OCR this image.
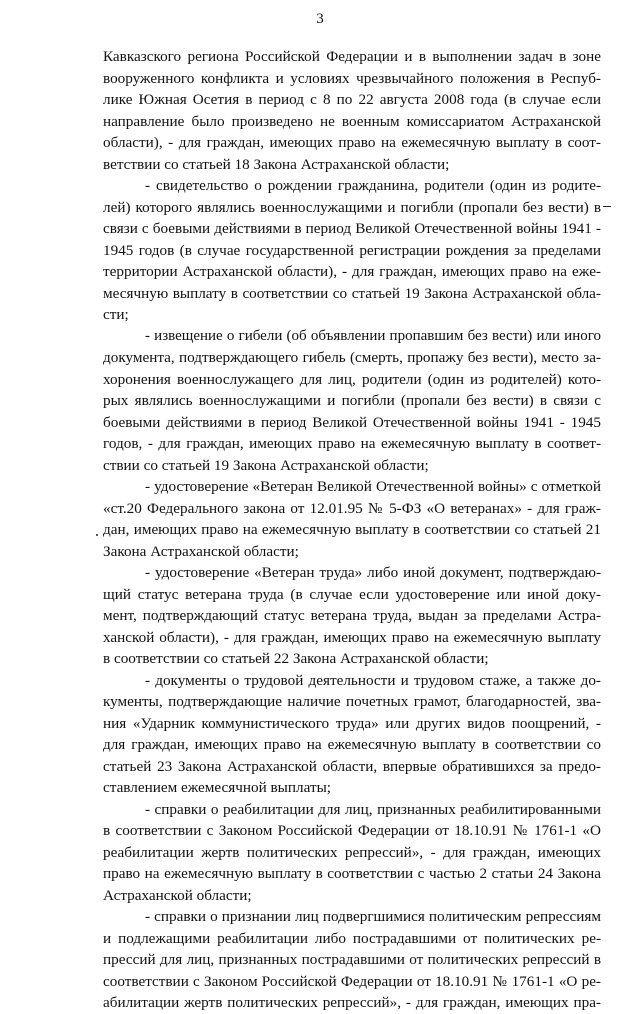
3
Кавказского региона Российской Федерации и в выполнении задач в зоне
вооруженного конфликта и условиях чрезвычайного положения в Респуб-
лике Южная Осетия в период с 8 по 22 августа 2008 года (в случае если
направление было произведено не военным комиссариатом Астраханской
области), - для граждан, имеющих право на ежемесячную выплату в соот-
ветствии со статьей 18 Закона Астраханской области;
- свидетельство о рождении гражданина, родители (один из родите-
лей) которого являлись военнослужащими и погибли (пропали без вести) в
связи с боевыми действиями в период Великой Отечественной войны 1941 -
1945 годов (в случае государственной регистрации рождения за пределами
территории Астраханской области), - для граждан, имеющих право на ежe-
месячную выплату в соответствии со статьей 19 Закона Астраханской обла-
сти;
- извещение о гибели (об объявлении пропавшим без вести) или иного
документа, подтверждающего гибель (смерть, пропажу без вести), место за-
хоронения военнослужащего для лиц, родители (один из родителей) кото-
рых являлись военнослужащими и погибли (пропали без вести) в связи с
боевыми действиями в период Великой Отечественной войны 1941 - 1945
годов, - для граждан, имеющих право на ежемесячную выплату в соответ-
ствии со статьей 19 Закона Астраханской области;
- удостоверение «Ветеран Великой Отечественной войны» с отметкой
«ст.20 Федерального закона от 12.01.95 № 5-ФЗ «О ветеранах» - для граж-
дан, имеющих право на ежемесячную выплату в соответствии со статьей 21
Закона Астраханской области;
- удостоверение «Ветеран труда» либо иной документ, подтверждаю-
щий статус ветерана труда (в случае если удостоверение или иной доку-
мент, подтверждающий статус ветерана труда, выдан за пределами Астра-
ханской области), - для граждан, имеющих право на ежемесячную выплату
в соответствии со статьей 22 Закона Астраханской области;
- документы о трудовой деятельности и трудовом стаже, а также до-
кументы, подтверждающие наличие почетных грамот, благодарностей, зва-
ния «Ударник коммунистического труда» или других видов поощрений, -
для граждан, имеющих право на ежемесячную выплату в соответствии со
статьей 23 Закона Астраханской области, впервые обратившихся за предо-
ставлением ежемесячной выплаты;
- справки о реабилитации для лиц, признанных реабилитированными
в соответствии с Законом Российской Федерации от 18.10.91 № 1761-1 «О
реабилитации жертв политических репрессий», - для граждан, имеющих
право на ежемесячную выплату в соответствии с частью 2 статьи 24 Закона
Астраханской области;
- справки о признании лиц подвергшимися политическим репрессиям
и подлежащими реабилитации либо пострадавшими от политических ре-
прессий для лиц, признанных пострадавшими от политических репрессий в
соответствии с Законом Российской Федерации от 18.10.91 № 1761-1 «О ре-
абилитации жертв политических репрессий», - для граждан, имеющих пра-
